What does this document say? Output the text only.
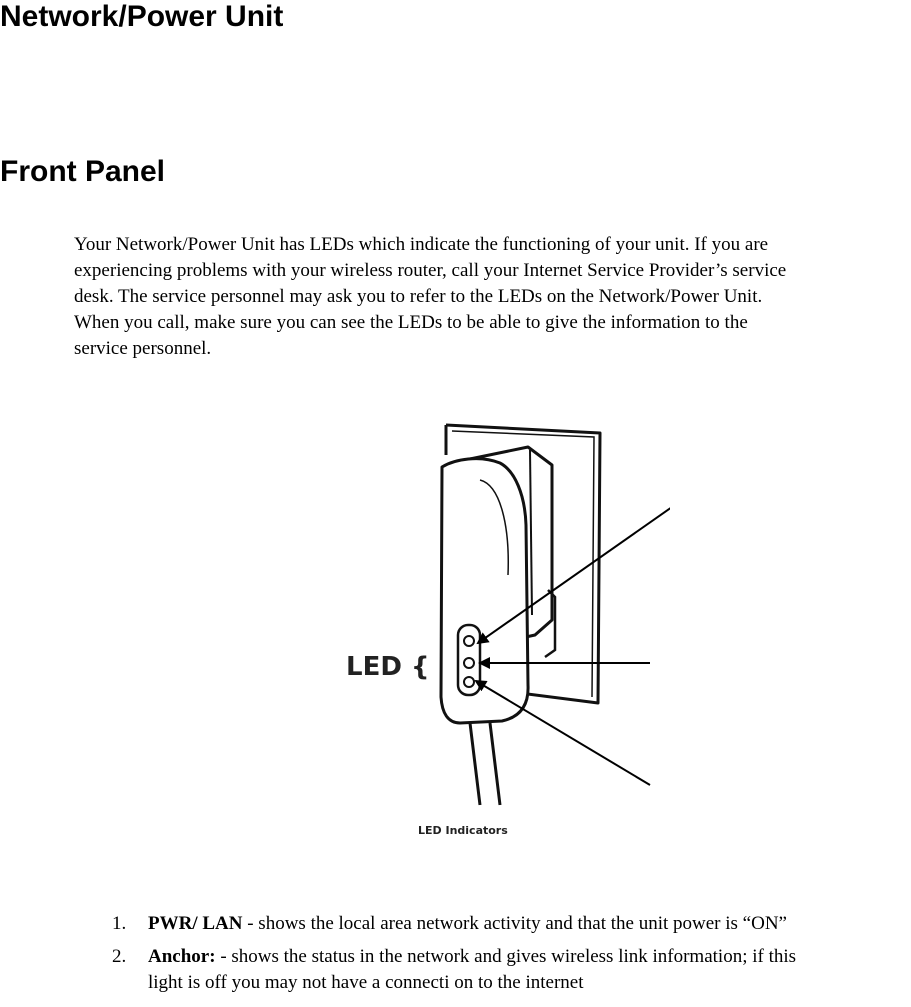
Network/Power Unit
Front Panel
Your Network/Power Unit has LEDs which indicate the functioning of your unit. If you are
experiencing problems with your wireless router, call your Internet Service Provider’s service
desk. The service personnel may ask you to refer to the LEDs on the Network/Power Unit.
When you call, make sure you can see the LEDs to be able to give the information to the
service personnel.
LED {
LED Indicators
1. PWR/ LAN - shows the local area network activity and that the unit power is “ON”
2. Anchor: - shows the status in the network and gives wireless link information; if this
light is off you may not have a connecti on to the internet
